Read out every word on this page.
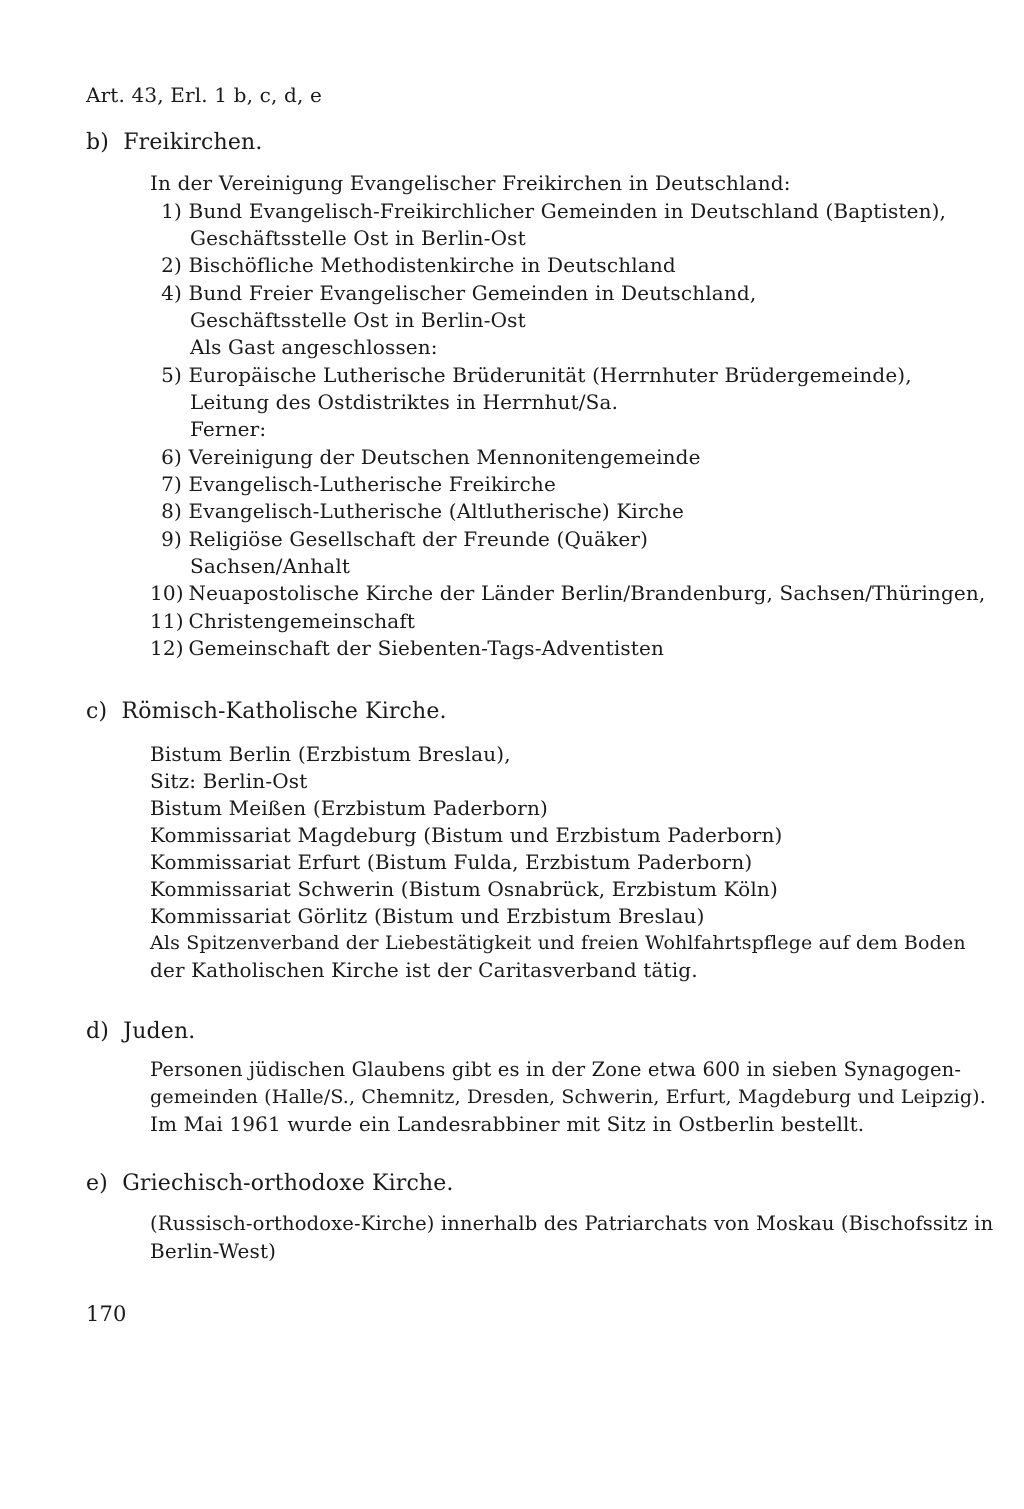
Art. 43, Erl. 1 b, c, d, e
b) Freikirchen.
In der Vereinigung Evangelischer Freikirchen in Deutschland:
1) Bund Evangelisch-Freikirchlicher Gemeinden in Deutschland (Baptisten),
Geschäftsstelle Ost in Berlin-Ost
2) Bischöfliche Methodistenkirche in Deutschland
4) Bund Freier Evangelischer Gemeinden in Deutschland,
Geschäftsstelle Ost in Berlin-Ost
Als Gast angeschlossen:
5) Europäische Lutherische Brüderunität (Herrnhuter Brüdergemeinde),
Leitung des Ostdistriktes in Herrnhut/Sa.
Ferner:
6) Vereinigung der Deutschen Mennonitengemeinde
7) Evangelisch-Lutherische Freikirche
8) Evangelisch-Lutherische (Altlutherische) Kirche
9) Religiöse Gesellschaft der Freunde (Quäker)
Sachsen/Anhalt
10) Neuapostolische Kirche der Länder Berlin/Brandenburg, Sachsen/Thüringen,
11) Christengemeinschaft
12) Gemeinschaft der Siebenten-Tags-Adventisten
c) Römisch-Katholische Kirche.
Bistum Berlin (Erzbistum Breslau),
Sitz: Berlin-Ost
Bistum Meißen (Erzbistum Paderborn)
Kommissariat Magdeburg (Bistum und Erzbistum Paderborn)
Kommissariat Erfurt (Bistum Fulda, Erzbistum Paderborn)
Kommissariat Schwerin (Bistum Osnabrück, Erzbistum Köln)
Kommissariat Görlitz (Bistum und Erzbistum Breslau)
Als Spitzenverband der Liebestätigkeit und freien Wohlfahrtspflege auf dem Boden
der Katholischen Kirche ist der Caritasverband tätig.
d) Juden.
Personen jüdischen Glaubens gibt es in der Zone etwa 600 in sieben Synagogen-
gemeinden (Halle/S., Chemnitz, Dresden, Schwerin, Erfurt, Magdeburg und Leipzig).
Im Mai 1961 wurde ein Landesrabbiner mit Sitz in Ostberlin bestellt.
e) Griechisch-orthodoxe Kirche.
(Russisch-orthodoxe-Kirche) innerhalb des Patriarchats von Moskau (Bischofssitz in
Berlin-West)
170
